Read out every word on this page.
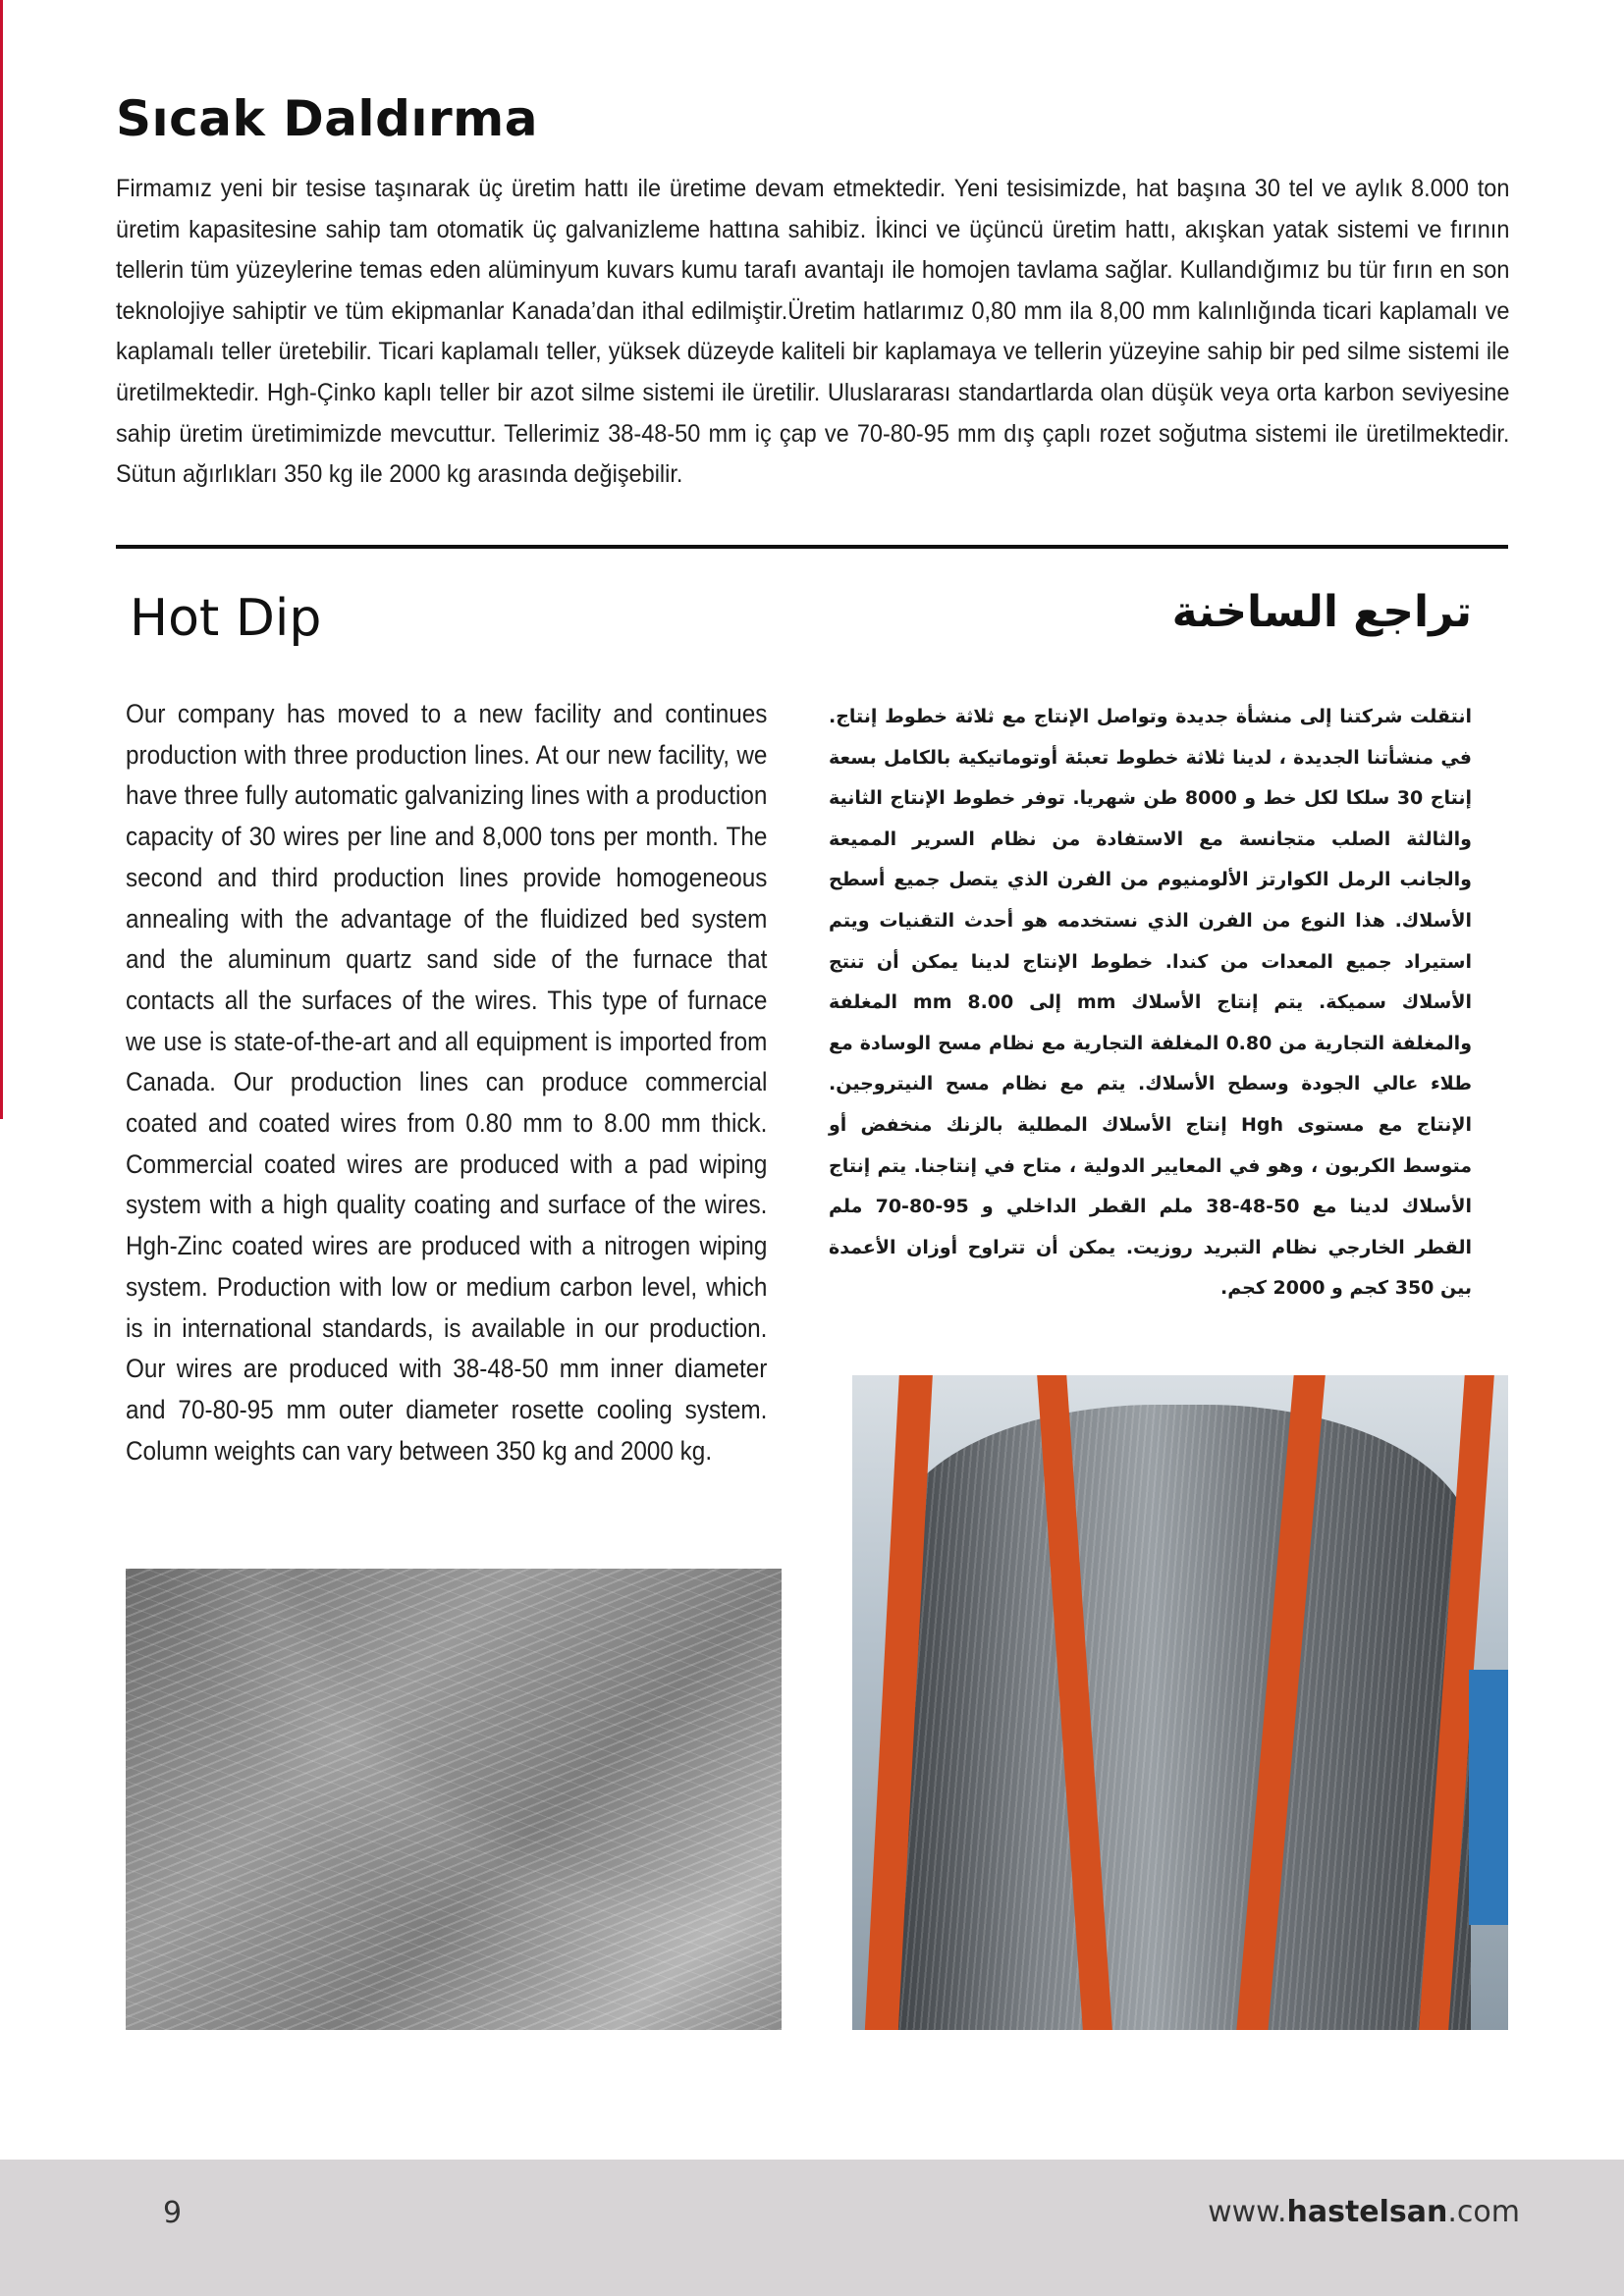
Sıcak Daldırma

Firmamız yeni bir tesise taşınarak üç üretim hattı ile üretime devam etmektedir. Yeni tesisimizde, hat başına 30 tel ve aylık 8.000 ton üretim kapasitesine sahip tam otomatik üç galvanizleme hattına sahibiz. İkinci ve üçüncü üretim hattı, akışkan yatak sistemi ve fırının tellerin tüm yüzeylerine temas eden alüminyum kuvars kumu tarafı avantajı ile homojen tavlama sağlar. Kullandığımız bu tür fırın en son teknolojiye sahiptir ve tüm ekipmanlar Kanada’dan ithal edilmiştir.Üretim hatlarımız 0,80 mm ila 8,00 mm kalınlığında ticari kaplamalı ve kaplamalı teller üretebilir. Ticari kaplamalı teller, yüksek düzeyde kaliteli bir kaplamaya ve tellerin yüzeyine sahip bir ped silme sistemi ile üretilmektedir. Hgh-Çinko kaplı teller bir azot silme sistemi ile üretilir. Uluslararası standartlarda olan düşük veya orta karbon seviyesine sahip üretim üretimimizde mevcuttur. Tellerimiz 38-48-50 mm iç çap ve 70-80-95 mm dış çaplı rozet soğutma sistemi ile üretilmektedir. Sütun ağırlıkları 350 kg ile 2000 kg arasında değişebilir.

Hot Dip	تراجع الساخنة

Our company has moved to a new facility and continues production with three production lines. At our new facility, we have three fully automatic galvanizing lines with a production capacity of 30 wires per line and 8,000 tons per month. The second and third production lines provide homogeneous annealing with the advantage of the fluidized bed system and the aluminum quartz sand side of the furnace that contacts all the surfaces of the wires. This type of furnace we use is state-of-the-art and all equipment is imported from Canada. Our production lines can produce commercial coated and coated wires from 0.80 mm to 8.00 mm thick. Commercial coated wires are produced with a pad wiping system with a high quality coating and surface of the wires. Hgh-Zinc coated wires are produced with a nitrogen wiping system. Production with low or medium carbon level, which is in international standards, is available in our production. Our wires are produced with 38-48-50 mm inner diameter and 70-80-95 mm outer diameter rosette cooling system. Column weights can vary between 350 kg and 2000 kg.

انتقلت شركتنا إلى منشأة جديدة وتواصل الإنتاج مع ثلاثة خطوط إنتاج. في منشأتنا الجديدة ، لدينا ثلاثة خطوط تعبئة أوتوماتيكية بالكامل بسعة إنتاج 30 سلكا لكل خط و 8000 طن شهريا. توفر خطوط الإنتاج الثانية والثالثة الصلب متجانسة مع الاستفادة من نظام السرير المميعة والجانب الرمل الكوارتز الألومنيوم من الفرن الذي يتصل جميع أسطح الأسلاك. هذا النوع من الفرن الذي نستخدمه هو أحدث التقنيات ويتم استيراد جميع المعدات من كندا. خطوط الإنتاج لدينا يمكن أن تنتج الأسلاك سميكة. يتم إنتاج الأسلاك mm إلى 8.00 mm المغلفة والمغلفة التجارية من 0.80 المغلفة التجارية مع نظام مسح الوسادة مع طلاء عالي الجودة وسطح الأسلاك. يتم مع نظام مسح النيتروجين. الإنتاج مع مستوى Hgh إنتاج الأسلاك المطلية بالزنك منخفض أو متوسط الكربون ، وهو في المعايير الدولية ، متاح في إنتاجنا. يتم إنتاج الأسلاك لدينا مع 50-48-38 ملم القطر الداخلي و 95-80-70 ملم القطر الخارجي نظام التبريد روزيت. يمكن أن تتراوح أوزان الأعمدة بين 350 كجم و 2000 كجم.

9	www.hastelsan.com
